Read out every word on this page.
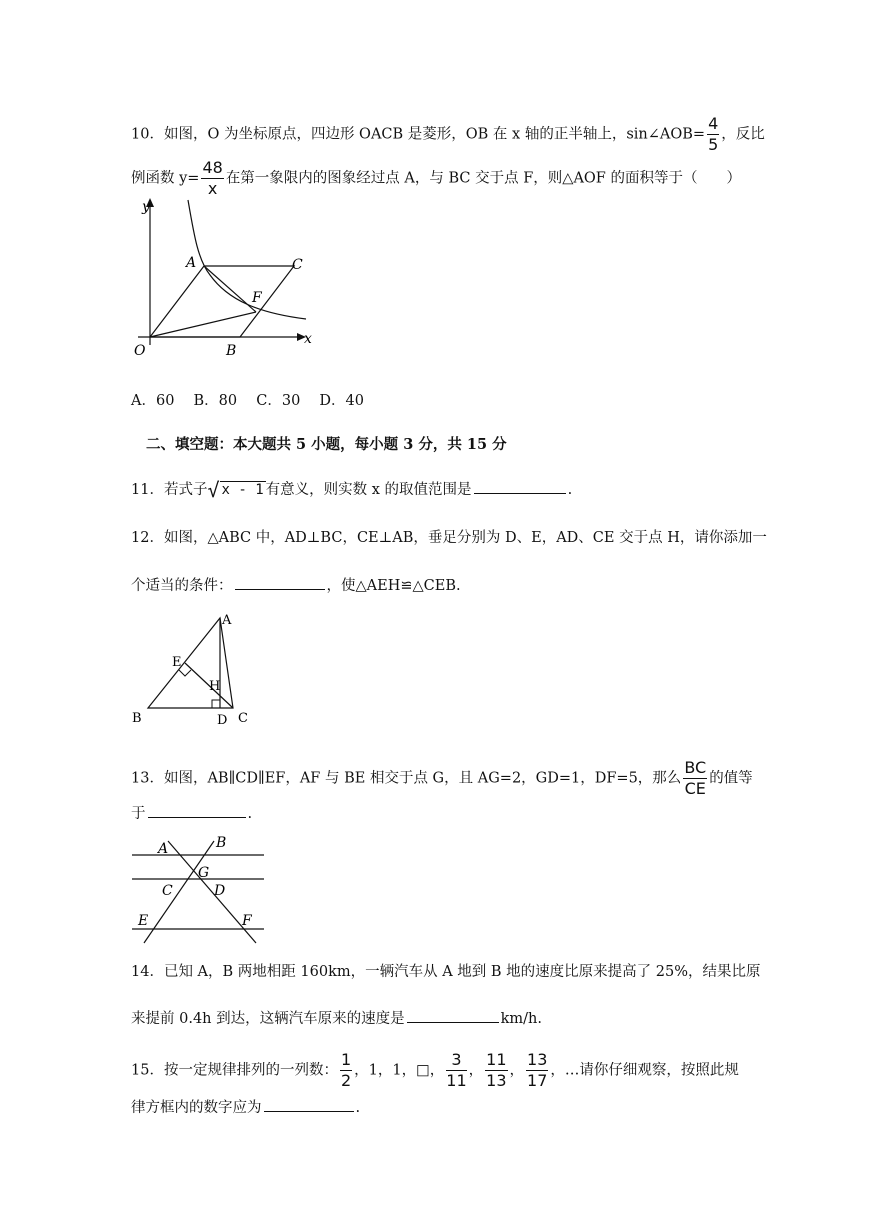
10．如图，O 为坐标原点，四边形 OACB 是菱形，OB 在 x 轴的正半轴上，sin∠AOB= $\frac{4}{5}$ ，反比
例函数 $y= \frac{48}{x}$ 在第一象限内的图象经过点 A，与 BC 交于点 F，则△AOF 的面积等于（　　）
y
x
O
A	C
F
B
A．60　 B．80　 C．30　 D．40
二、填空题：本大题共 5 小题，每小题 3 分，共 15 分
11．若式子√ x - 1 有意义，则实数 x 的取值范围是	.
12．如图，△ABC 中，AD⊥BC，CE⊥AB，垂足分别为 D、E，AD、CE 交于点 H，请你添加一
个适当的条件：	，使△AEH≌△CEB.
A
E
H
B	D C
13．如图，AB∥CD∥EF，AF 与 BE 相交于点 G，且 AG=2，GD=1，DF=5，那么 $\frac{BC}{CE}$ 的值等
于	.
A	B
G
C	D
E	F
14．已知 A，B 两地相距 160km，一辆汽车从 A 地到 B 地的速度比原来提高了 25%，结果比原
来提前 0.4h 到达，这辆汽车原来的速度是	km/h.
15．按一定规律排列的一列数： $\frac{1}{2}$ ，1，1，□， $\frac{3}{11}$ ， $\frac{11}{13}$ ， $\frac{13}{17}$ ，…请你仔细观察，按照此规
律方框内的数字应为	.
